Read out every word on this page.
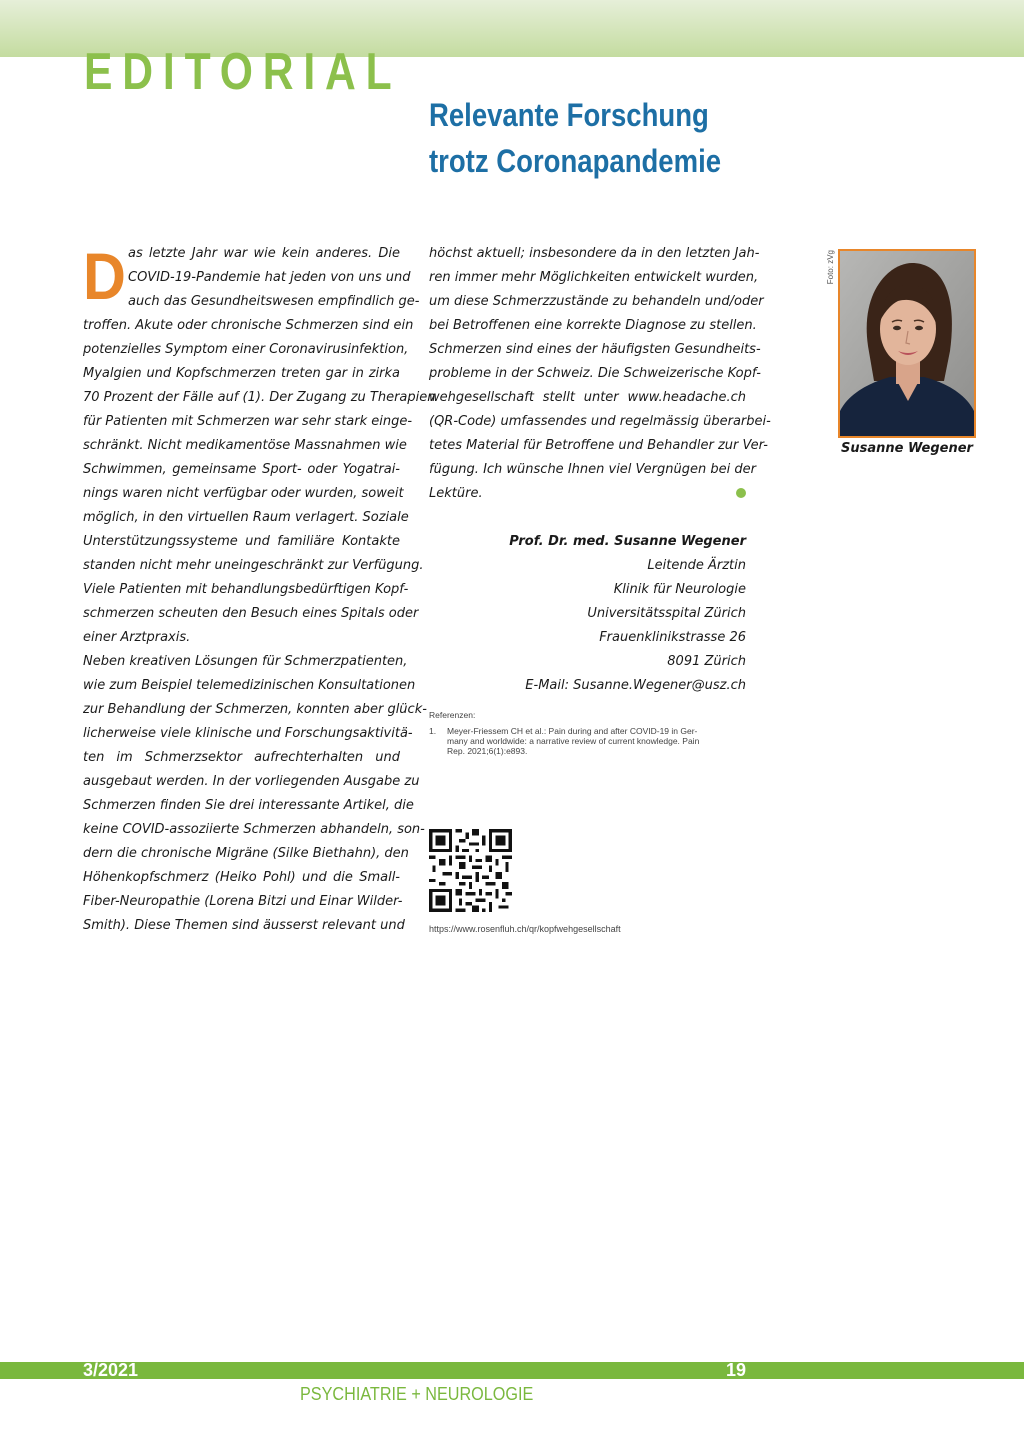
EDITORIAL
Relevante Forschung
trotz Coronapandemie
D as letzte Jahr war wie kein anderes. Die
COVID-19-Pandemie hat jeden von uns und
auch das Gesundheitswesen empfindlich ge-
troffen. Akute oder chronische Schmerzen sind ein
potenzielles Symptom einer Coronavirusinfektion,
Myalgien und Kopfschmerzen treten gar in zirka
70 Prozent der Fälle auf (1). Der Zugang zu Therapien
für Patienten mit Schmerzen war sehr stark einge-
schränkt. Nicht medikamentöse Massnahmen wie
Schwimmen, gemeinsame Sport- oder Yogatrai-
nings waren nicht verfügbar oder wurden, soweit
möglich, in den virtuellen Raum verlagert. Soziale
Unterstützungssysteme und familiäre Kontakte
standen nicht mehr uneingeschränkt zur Verfügung.
Viele Patienten mit behandlungsbedürftigen Kopf-
schmerzen scheuten den Besuch eines Spitals oder
einer Arztpraxis.
Neben kreativen Lösungen für Schmerzpatienten,
wie zum Beispiel telemedizinischen Konsultationen
zur Behandlung der Schmerzen, konnten aber glück-
licherweise viele klinische und Forschungsaktivitä-
ten im Schmerzsektor aufrechterhalten und
ausgebaut werden. In der vorliegenden Ausgabe zu
Schmerzen finden Sie drei interessante Artikel, die
keine COVID-assoziierte Schmerzen abhandeln, son-
dern die chronische Migräne (Silke Biethahn), den
Höhenkopfschmerz (Heiko Pohl) und die Small-
Fiber-Neuropathie (Lorena Bitzi und Einar Wilder-
Smith). Diese Themen sind äusserst relevant und
höchst aktuell; insbesondere da in den letzten Jah-
ren immer mehr Möglichkeiten entwickelt wurden,
um diese Schmerzzustände zu behandeln und/oder
bei Betroffenen eine korrekte Diagnose zu stellen.
Schmerzen sind eines der häufigsten Gesundheits-
probleme in der Schweiz. Die Schweizerische Kopf-
wehgesellschaft stellt unter www.headache.ch
(QR-Code) umfassendes und regelmässig überarbei-
tetes Material für Betroffene und Behandler zur Ver-
fügung. Ich wünsche Ihnen viel Vergnügen bei der
Lektüre.
Prof. Dr. med. Susanne Wegener
Leitende Ärztin
Klinik für Neurologie
Universitätsspital Zürich
Frauenklinikstrasse 26
8091 Zürich
E-Mail: Susanne.Wegener@usz.ch
Referenzen:
1.	Meyer-Friessem CH et al.: Pain during and after COVID-19 in Ger-
many and worldwide: a narrative review of current knowledge. Pain
Rep. 2021;6(1):e893.
https://www.rosenfluh.ch/qr/kopfwehgesellschaft
Foto: zVg
Susanne Wegener
3/2021	19
PSYCHIATRIE + NEUROLOGIE
